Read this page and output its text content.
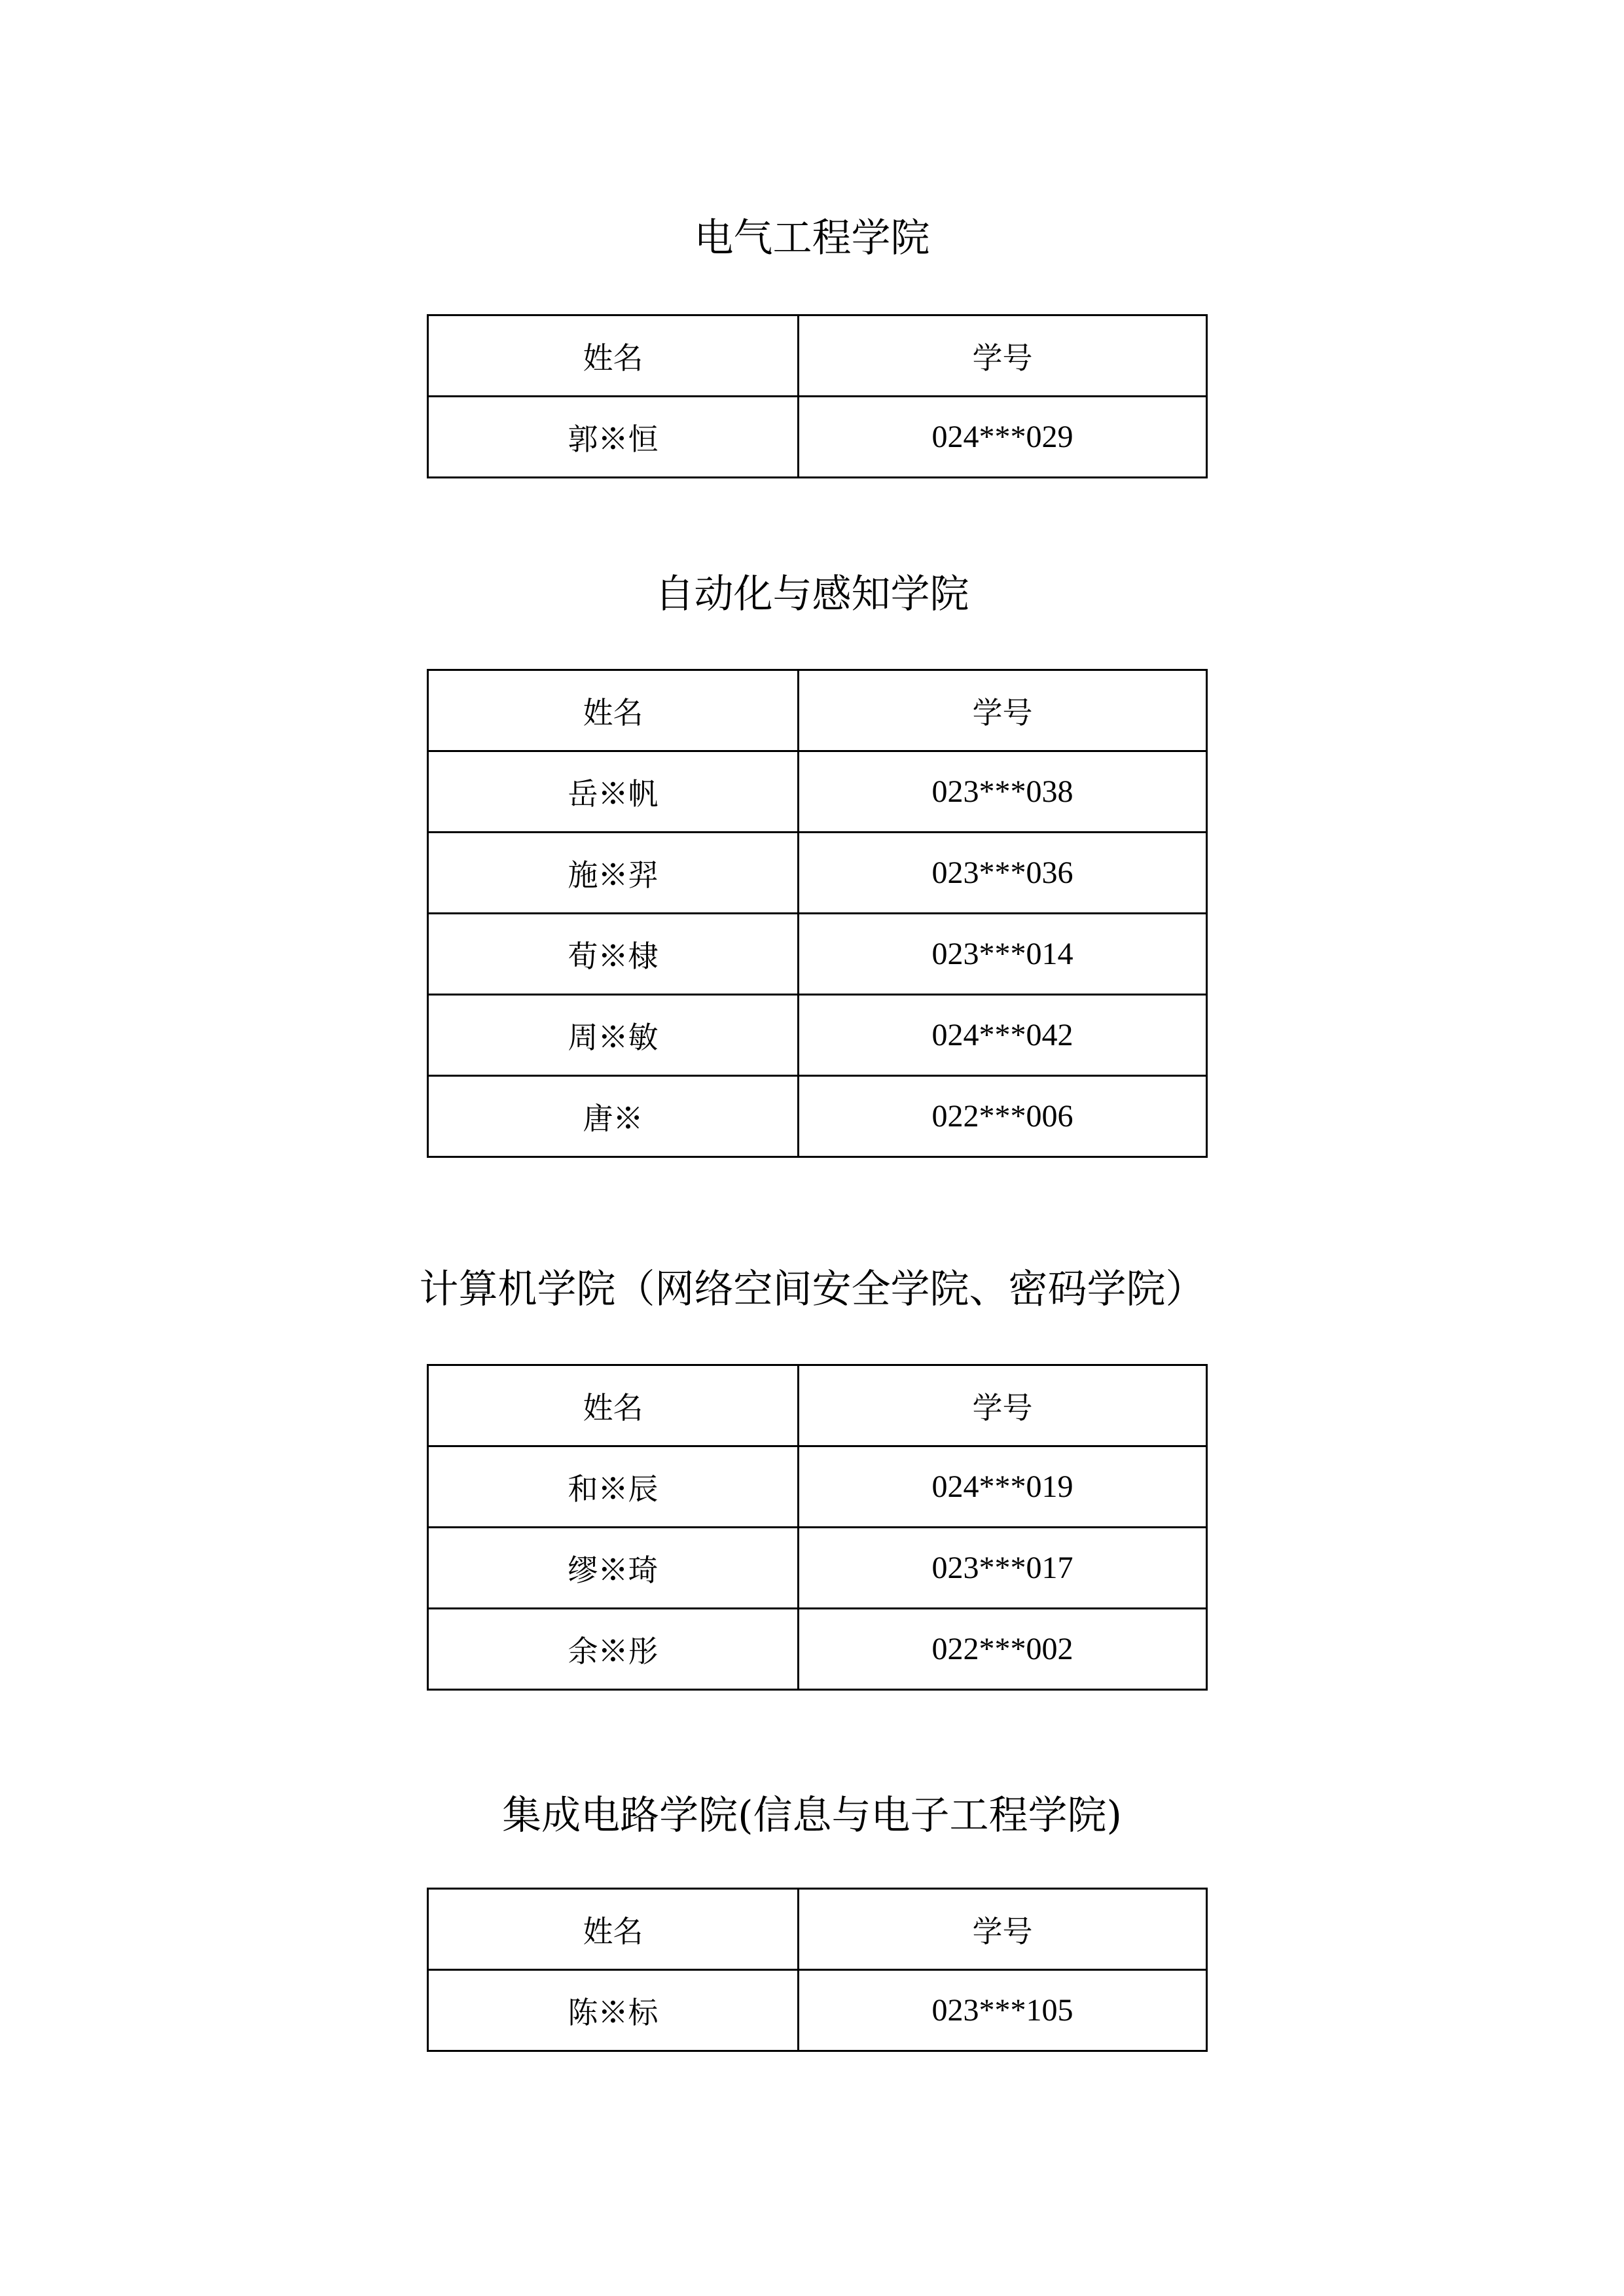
电气工程学院
姓名	学号
郭※恒	024***029
自动化与感知学院
姓名	学号
岳※帆	023***038
施※羿	023***036
荀※棣	023***014
周※敏	024***042
唐※	022***006
计算机学院（网络空间安全学院、密码学院）
姓名	学号
和※辰	024***019
缪※琦	023***017
余※彤	022***002
集成电路学院(信息与电子工程学院)
姓名	学号
陈※标	023***105
